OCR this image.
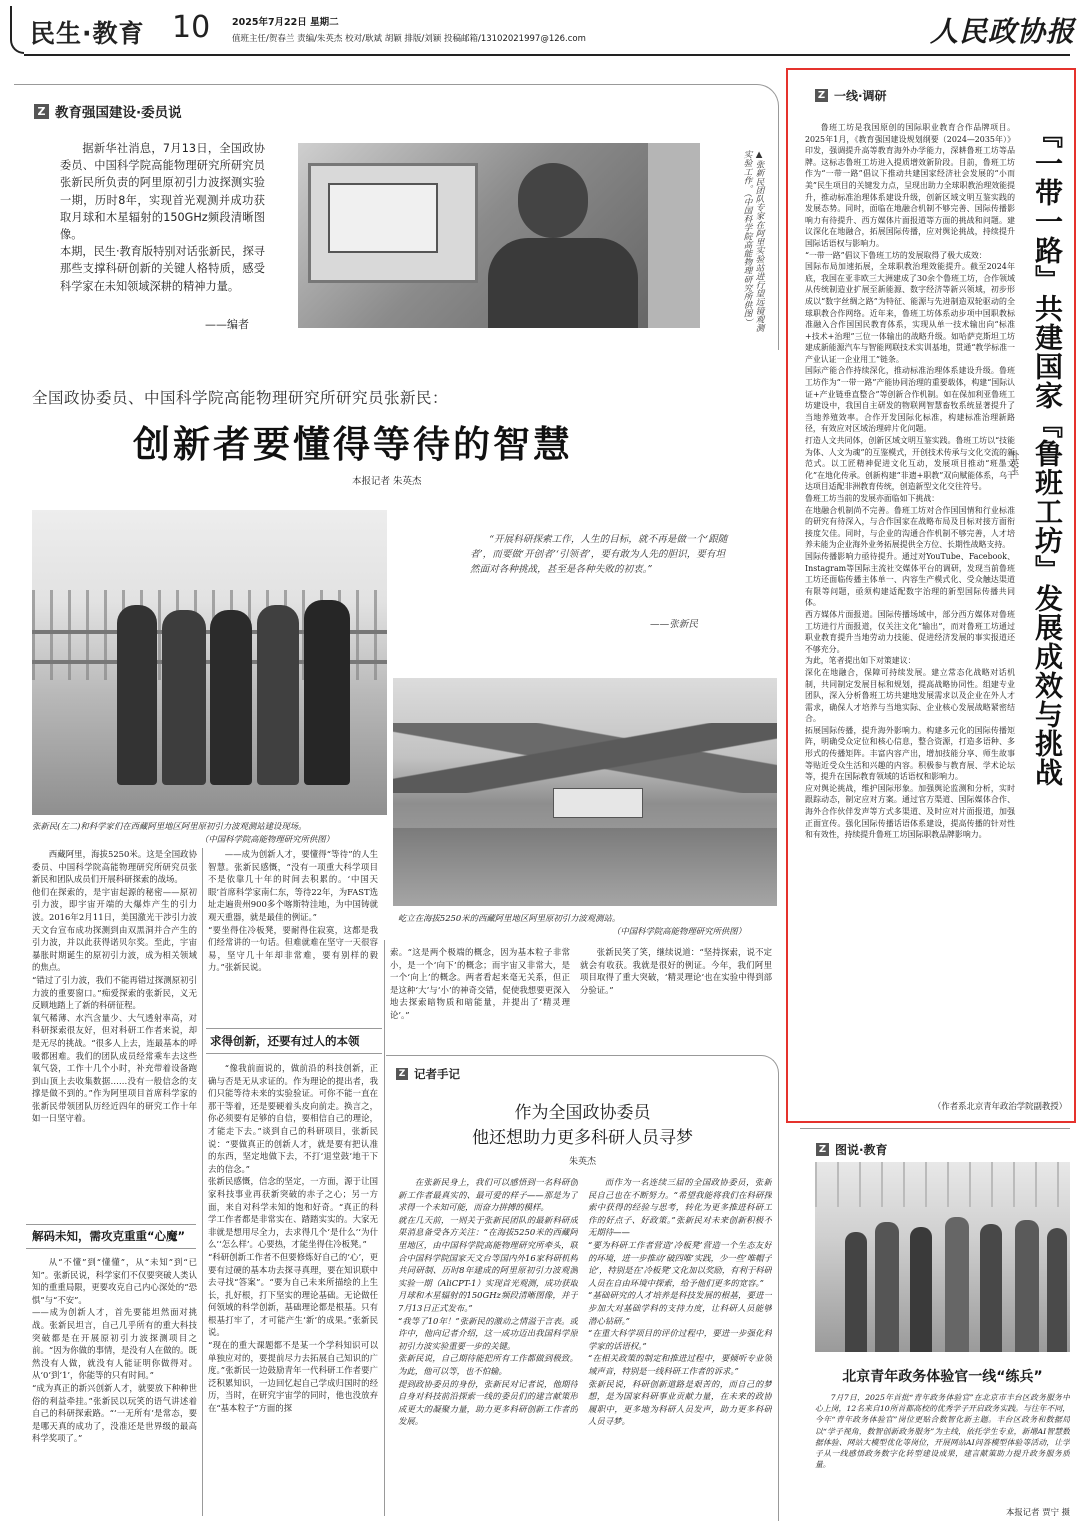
民生·教育 10 2025年7月22日 星期二
值班主任/贺春兰 责编/朱英杰 校对/耿斌 胡颖 排版/刘颖 投稿邮箱/13102021997@126.com	人民政协报
Z 教育强国建设·委员说
据新华社消息，7月13日，全国政协委员、中国科学院高能物理研究所研究员张新民所负责的阿里原初引力波探测实验一期，历时8年，实现首光观测并成功获取月球和木星辐射的150GHz频段清晰图像。
本期，民生·教育版特别对话张新民，探寻那些支撑科研创新的关键人格特质，感受科学家在未知领域深耕的精神力量。
——编者	▲张新民团队专家在阿里实验站进行望远镜观测实验工作。（中国科学院高能物理研究所供图）
全国政协委员、中国科学院高能物理研究所研究员张新民：
创新者要懂得等待的智慧
本报记者 朱英杰
张新民(左二)和科学家们在西藏阿里地区阿里原初引力波观测站建设现场。
（中国科学院高能物理研究所供图）
“开展科研探索工作，人生的目标，就不再是做一个‘跟随者’，而要做‘开创者’‘引领者’，要有敢为人先的胆识，要有坦然面对各种挑战，甚至是各种失败的初衷。”
——张新民
屹立在海拔5250米的西藏阿里地区阿里原初引力波观测站。
（中国科学院高能物理研究所供图）
西藏阿里，海拔5250米。这是全国政协委员、中国科学院高能物理研究所研究员张新民和团队成员们开展科研探索的战场。
他们在探索的，是宇宙起源的秘密——原初引力波，即宇宙开端的大爆炸产生的引力波。2016年2月11日，美国激光干涉引力波天文台宣布成功探测到由双黑洞并合产生的引力波，并以此获得诺贝尔奖。至此，宇宙暴胀时期诞生的原初引力波，成为相关领域的焦点。
“错过了引力波，我们不能再错过探测原初引力波的重要窗口。”痴爱探索的张新民，义无反顾地踏上了新的科研征程。
氧气稀薄、水汽含量少、大气透射率高，对科研探索很友好，但对科研工作者来说，却是无尽的挑战。“很多人上去，连最基本的呼吸都困难。我们的团队成员经常乘车去这些氧气袋，工作十几个小时，补充带着设备跑到山顶上去收集数据……没有一般信念的支撑是做不到的。”作为阿里项目首席科学家的张新民带领团队历经近四年的研究工作十年如一日坚守着。
解码未知，需攻克重重“心魔”
从“不懂”到“懂懂”，从“未知”到“已知”。张新民说，科学家们不仅要突破人类认知的重重局限，更要攻克自己内心深处的“恐惧”与“不安”。
——成为创新人才，首先要能坦然面对挑战。张新民坦言，自己几乎所有的重大科技突破都是在开展原初引力波探测项目之前。“因为你做的事情，是没有人在做的。既然没有人做，就没有人能证明你做得对。从‘0’到‘1’，你能等的只有时间。”
“成为真正的新兴创新人才，就要放下种种世俗的利益牵挂。”张新民以玩笑的语气讲述着自己的科研探索路。“‘一无所有’是常态，要是哪天真的成功了，没准还是世界级的最高科学奖项了。”
——成为创新人才，要懂得“等待”的人生智慧。张新民感慨，“没有一项重大科学项目不是依靠几十年的时间去积累的。‘中国天眼’首席科学家南仁东，等待22年，为FAST选址走遍贵州900多个喀斯特洼地，为中国铸就观天重器，就是最佳的例证。”
“要坐得住冷板凳，要耐得住寂寞，这都是我们经常讲的一句话。但难就难在坚守一天很容易，坚守几十年却非常难，要有别样的毅力。”张新民说。
求得创新，还要有过人的本领
“像我前面说的，做前沿的科技创新，正确与否是无从求证的。作为理论的提出者，我们只能等待未来的实验验证。可你不能一直在那干等着，还是要硬着头皮向前走。换言之，你必须要有足够的自信，要相信自己的理论，才能走下去。”谈到自己的科研项目，张新民说：“要做真正的创新人才，就是要有把认准的东西，坚定地做下去，不打‘退堂鼓’地干下去的信念。”
张新民感慨，信念的坚定，一方面，源于让国家科技事业再获新突破的赤子之心；另一方面，来自对科学未知的饱和好奇。“真正的科学工作者都是非常实在、踏踏实实的。大家无非就是想用尽全力，去求得几个‘是什么’‘为什么’‘怎么样’。心要热，才能坐得住冷板凳。”
“科研创新工作者不但要修炼好自己的‘心’，更要有过硬的基本功去探寻真理，要在知识联中去寻找“答案”。“要为自己未来所描绘的上生长，扎好根，打下坚实的理论基础。无论做任何领域的科学创新，基础理论都是根基。只有根基打牢了，才可能产生‘新’的成果。”张新民说。
“现在的重大课题都不是某一个学科知识可以单独应对的，要提前尽力去拓展自己知识的广度。”张新民一边鼓励青年一代科研工作者要广泛积累知识，一边回忆起自己学成归国时的经历，当时，在研究宇宙学的同时，他也没放弃在“基本粒子”方面的探
索。“这是两个极端的概念，因为基本粒子非常小，是一个‘向下’的概念；而宇宙又非常大，是一个‘向上’的概念。两者看起来毫无关系，但正是这种‘大’与‘小’的神奇交错，促使我想要更深入地去探索暗物质和暗能量，并提出了‘精灵理论’。”
张新民笑了笑，继续说道：“坚持探索，说不定就会有收获。我就是很好的例证。今年，我们阿里项目取得了重大突破，‘精灵理论’也在实验中得到部分验证。”
Z 记者手记
作为全国政协委员
他还想助力更多科研人员寻梦
朱英杰
在张新民身上，我们可以感悟到一名科研创新工作者最真实的、最可爱的样子——那是为了求得一个未知可能，而奋力拼搏的模样。
就在几天前，一则关于张新民团队的最新科研成果消息备受各方关注：“在海拔5250米的西藏阿里地区，由中国科学院高能物理研究所牵头，联合中国科学院国家天文台等国内外16家科研机构共同研制、历时8年建成的阿里原初引力波观测实验一期（AliCPT-1）实现首光观测，成功获取月球和木星辐射的150GHz频段清晰图像，并于7月13日正式发布。”
“我等了10年！”张新民的激动之情溢于言表。或许中，他向记者介绍，这一成功迈出我国科学原初引力波实验重要一步的关键。
张新民说，自己期待能把所有工作都做到极致。为此，他可以等，也不怕输。
提到政协委员的身份，张新民对记者说，他期待自身对科技前沿探索一线的委员们的建言献策形成更大的凝聚力量，助力更多科研创新工作者的发展。
而作为一名连续三届的全国政协委员，张新民自己也在不断努力。“希望我能将我们在科研探索中获得的经验与思考，转化为更多推进科研工作的好点子、好政策。”张新民对未来创新积极不无期待——
“要为科研工作者营造‘冷板凳’营造一个生态友好的环境，进一步推动‘破四唯’实践，少一些‘唯帽子论’，特别是在‘冷板凳’文化加以奖励，有利于科研人员在自由环境中探索，给予他们更多的宽容。”
“基础研究的人才培养是科技发展的根基，要进一步加大对基础学科的支持力度，让科研人员能够潜心钻研。”
“在重大科学项目的评价过程中，要进一步强化科学家的话语权。”
“在相关政策的制定和推进过程中，要倾听专业领域声音，特别是一线科研工作者的诉求。”
张新民说，科研创新道路是艰苦的，而自己的梦想，是为国家科研事业贡献力量，在未来的政协履职中，更多地为科研人员发声，助力更多科研人员寻梦。
Z 一线·调研
鲁班工坊是我国原创的国际职业教育合作品牌项目。2025年1月，《教育强国建设规划纲要（2024—2035年）》印发，强调提升高等教育海外办学能力，深耕鲁班工坊等品牌。这标志鲁班工坊进入提质增效新阶段。目前，鲁班工坊作为“一带一路”倡议下推动共建国家经济社会发展的“小而美”民生项目的关键发力点，呈现出助力全球职教治理效能提升，推动标准治理体系建设升级，创新区域文明互鉴实践的发展态势。同时，面临在地融合机制不够完善、国际传播影响力有待提升、西方媒体片面报道等方面的挑战和问题。建议深化在地融合，拓展国际传播，应对舆论挑战，持续提升国际话语权与影响力。
“一带一路”倡议下鲁班工坊的发展取得了极大成效：
国际布局加速拓展，全球职教治理效能提升。截至2024年底，我国在亚非欧三大洲建成了30余个鲁班工坊，合作领域从传统制造业扩展至新能源、数字经济等新兴领域，初步形成以“数字丝绸之路”为特征、能源与先进制造双轮驱动的全球职教合作网络。近年来，鲁班工坊体系动步项中国职教标准融入合作国国民教育体系，实现从单一技术输出向“标准+技术+治理”三位一体输出的战略升级。如哈萨克斯坦工坊建成新能源汽车与智能网联技术实训基地，贯通“教学标准一产业认证一企业用工”链条。
国际产能合作持续深化，推动标准治理体系建设升级。鲁班工坊作为“一带一路”产能协同治理的重要载体，构建“国际认证+产业链垂直整合”等创新合作机制。如在保加利亚鲁班工坊建设中，我国自主研发的物联网智慧畜牧系统显著提升了当地养殖效率。合作开发国际化标准，构建标准治理新路径，有效应对区域治理碎片化问题。
打造人文共同体，创新区域文明互鉴实践。鲁班工坊以“技能为体、人文为魂”的互鉴模式，开创技术传承与文化交流的新范式。以工匠精神促进文化互动，发展项目推动“班墨文化”在地化传承。创新构建“非遗+职教”双向赋能体系，乌干达项目适配非洲教育传统，创造新型文化交往符号。
鲁班工坊当前的发展亦面临如下挑战：
在地融合机制尚不完善。鲁班工坊对合作国国情和行业标准的研究有待深入，与合作国家在战略布局及目标对接方面衔接度欠佳。同时，与企业的沟通合作机制不够完善，人才培养未能为企业海外业务拓展提供全方位、长期性战略支持。
国际传播影响力亟待提升。通过对YouTube、Facebook、Instagram等国际主流社交媒体平台的调研，发现当前鲁班工坊还面临传播主体单一、内容生产模式化、受众触达渠道有限等问题，亟须构建适配数字治理的新型国际传播共同体。
西方媒体片面报道。国际传播场域中，部分西方媒体对鲁班工坊进行片面报道，仅关注文化“输出”，而对鲁班工坊通过职业教育提升当地劳动力技能、促进经济发展的事实报道还不够充分。
为此，笔者提出如下对策建议：
深化在地融合，保障可持续发展。建立常态化战略对话机制，共同制定发展目标和规划，提高战略协同性。组建专业团队，深入分析鲁班工坊共建地发展需求以及企业在外人才需求，确保人才培养与当地实际、企业核心发展战略紧密结合。
拓展国际传播，提升海外影响力。构建多元化的国际传播矩阵，明确受众定位和核心信息，整合资源，打造多语种、多形式的传播矩阵。丰富内容产出，增加技能分享、师生故事等贴近受众生活和兴趣的内容。积极参与教育展、学术论坛等，提升在国际教育领域的话语权和影响力。
应对舆论挑战，维护国际形象。加强舆论监测和分析，实时跟踪动态，制定应对方案。通过官方渠道、国际媒体合作、海外合作伙伴发声等方式多渠道、及时应对片面报道，加强正面宣传。强化国际传播话语体系建设，提高传播的针对性和有效性，持续提升鲁班工坊国际职教品牌影响力。
（作者系北京青年政治学院副教授）
『一带一路』共建国家『鲁班工坊』发展成效与挑战
朴英玉
Z 图说·教育
北京青年政务体验官一线“练兵”
7月7日，2025年首批“青年政务体验官”在北京市丰台区政务服务中心上岗，12名来自10所首都高校的优秀学子开启政务实践。与往年不同，今年“青年政务体验官”岗位更贴合数智化新主题。丰台区政务和数据局以“学子视角，数智创新政务服务”为主线，依托学生专业，新增AI智慧数据体验、网站大模型优化等岗位，开展网站AI问答模型体验等活动，让学子从一线感悟政务数字化转型建设成果，建言献策助力提升政务服务质量。
本报记者 贾宁 摄
